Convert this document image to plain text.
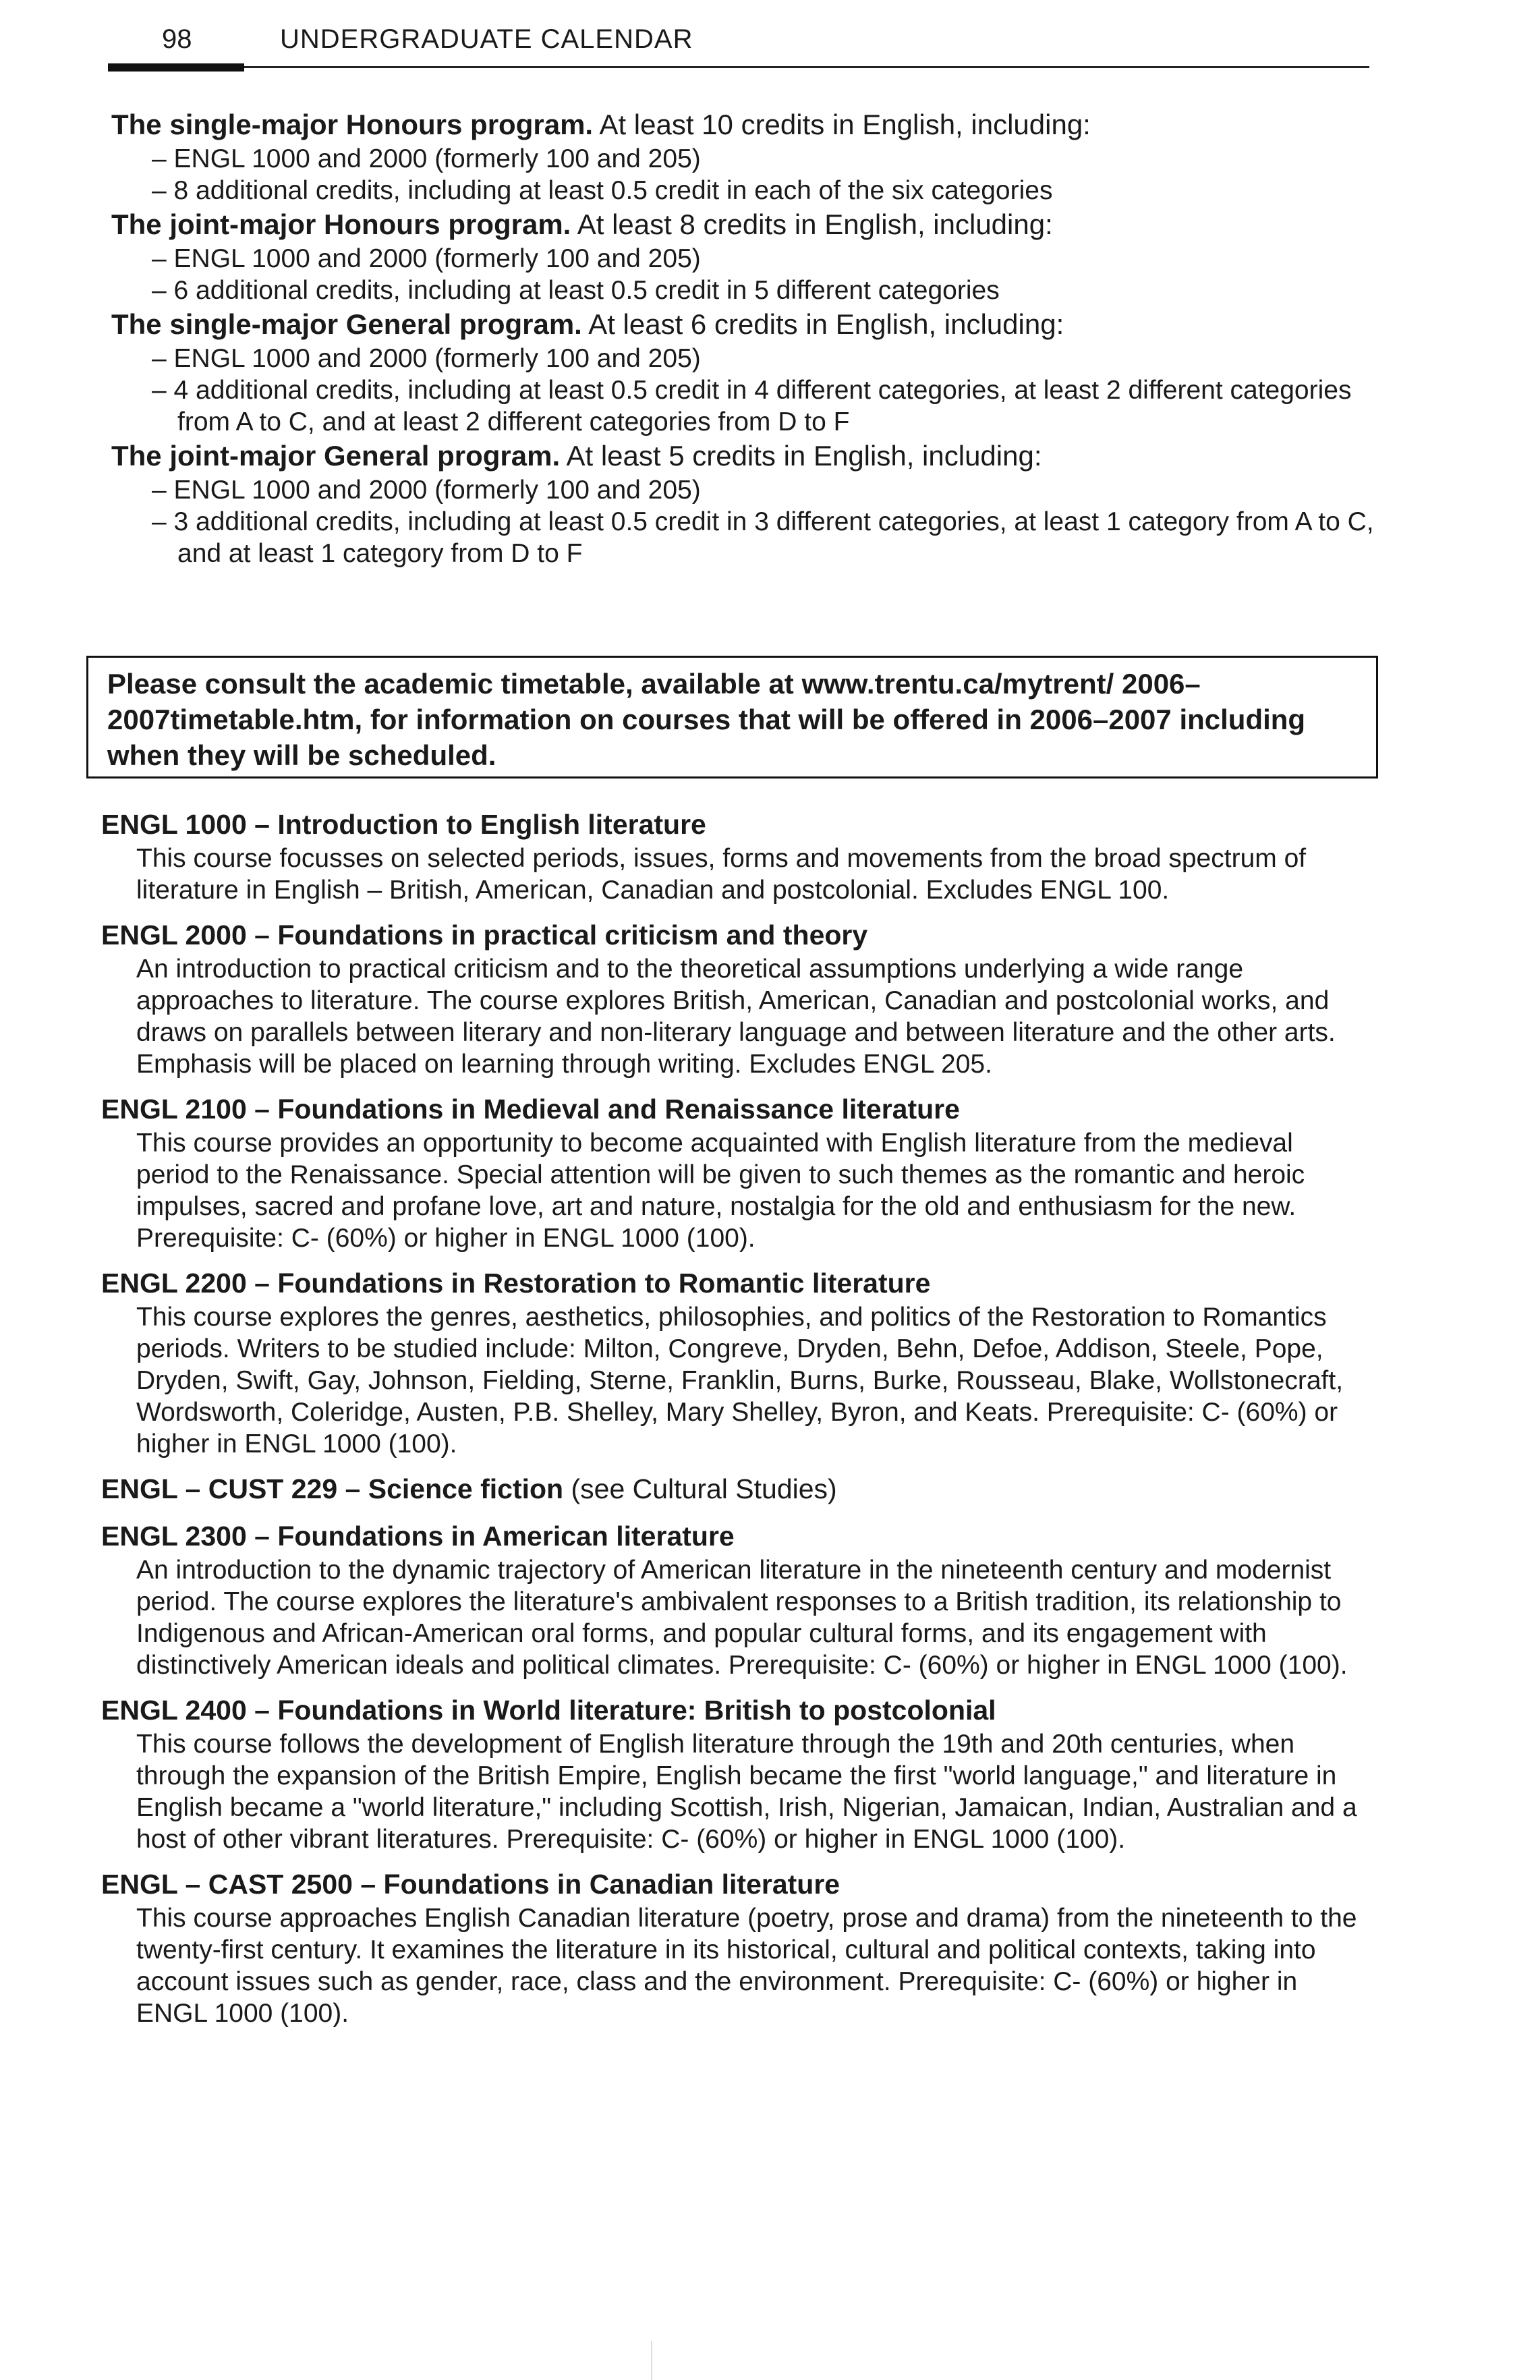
98	UNDERGRADUATE CALENDAR
The single-major Honours program. At least 10 credits in English, including:
– ENGL 1000 and 2000 (formerly 100 and 205)
– 8 additional credits, including at least 0.5 credit in each of the six categories
The joint-major Honours program. At least 8 credits in English, including:
– ENGL 1000 and 2000 (formerly 100 and 205)
– 6 additional credits, including at least 0.5 credit in 5 different categories
The single-major General program. At least 6 credits in English, including:
– ENGL 1000 and 2000 (formerly 100 and 205)
– 4 additional credits, including at least 0.5 credit in 4 different categories, at least 2 different categories from A to C, and at least 2 different categories from D to F
The joint-major General program. At least 5 credits in English, including:
– ENGL 1000 and 2000 (formerly 100 and 205)
– 3 additional credits, including at least 0.5 credit in 3 different categories, at least 1 category from A to C, and at least 1 category from D to F
Please consult the academic timetable, available at www.trentu.ca/mytrent/ 2006–2007timetable.htm, for information on courses that will be offered in 2006–2007 including when they will be scheduled.
ENGL 1000 – Introduction to English literature
This course focusses on selected periods, issues, forms and movements from the broad spectrum of literature in English – British, American, Canadian and postcolonial. Excludes ENGL 100.
ENGL 2000 – Foundations in practical criticism and theory
An introduction to practical criticism and to the theoretical assumptions underlying a wide range approaches to literature. The course explores British, American, Canadian and postcolonial works, and draws on parallels between literary and non-literary language and between literature and the other arts. Emphasis will be placed on learning through writing. Excludes ENGL 205.
ENGL 2100 – Foundations in Medieval and Renaissance literature
This course provides an opportunity to become acquainted with English literature from the medieval period to the Renaissance. Special attention will be given to such themes as the romantic and heroic impulses, sacred and profane love, art and nature, nostalgia for the old and enthusiasm for the new. Prerequisite: C- (60%) or higher in ENGL 1000 (100).
ENGL 2200 – Foundations in Restoration to Romantic literature
This course explores the genres, aesthetics, philosophies, and politics of the Restoration to Romantics periods. Writers to be studied include: Milton, Congreve, Dryden, Behn, Defoe, Addison, Steele, Pope, Dryden, Swift, Gay, Johnson, Fielding, Sterne, Franklin, Burns, Burke, Rousseau, Blake, Wollstonecraft, Wordsworth, Coleridge, Austen, P.B. Shelley, Mary Shelley, Byron, and Keats. Prerequisite: C- (60%) or higher in ENGL 1000 (100).
ENGL – CUST 229 – Science fiction (see Cultural Studies)
ENGL 2300 – Foundations in American literature
An introduction to the dynamic trajectory of American literature in the nineteenth century and modernist period. The course explores the literature's ambivalent responses to a British tradition, its relationship to Indigenous and African-American oral forms, and popular cultural forms, and its engagement with distinctively American ideals and political climates. Prerequisite: C- (60%) or higher in ENGL 1000 (100).
ENGL 2400 – Foundations in World literature: British to postcolonial
This course follows the development of English literature through the 19th and 20th centuries, when through the expansion of the British Empire, English became the first "world language," and literature in English became a "world literature," including Scottish, Irish, Nigerian, Jamaican, Indian, Australian and a host of other vibrant literatures. Prerequisite: C- (60%) or higher in ENGL 1000 (100).
ENGL – CAST 2500 – Foundations in Canadian literature
This course approaches English Canadian literature (poetry, prose and drama) from the nineteenth to the twenty-first century. It examines the literature in its historical, cultural and political contexts, taking into account issues such as gender, race, class and the environment. Prerequisite: C- (60%) or higher in ENGL 1000 (100).
